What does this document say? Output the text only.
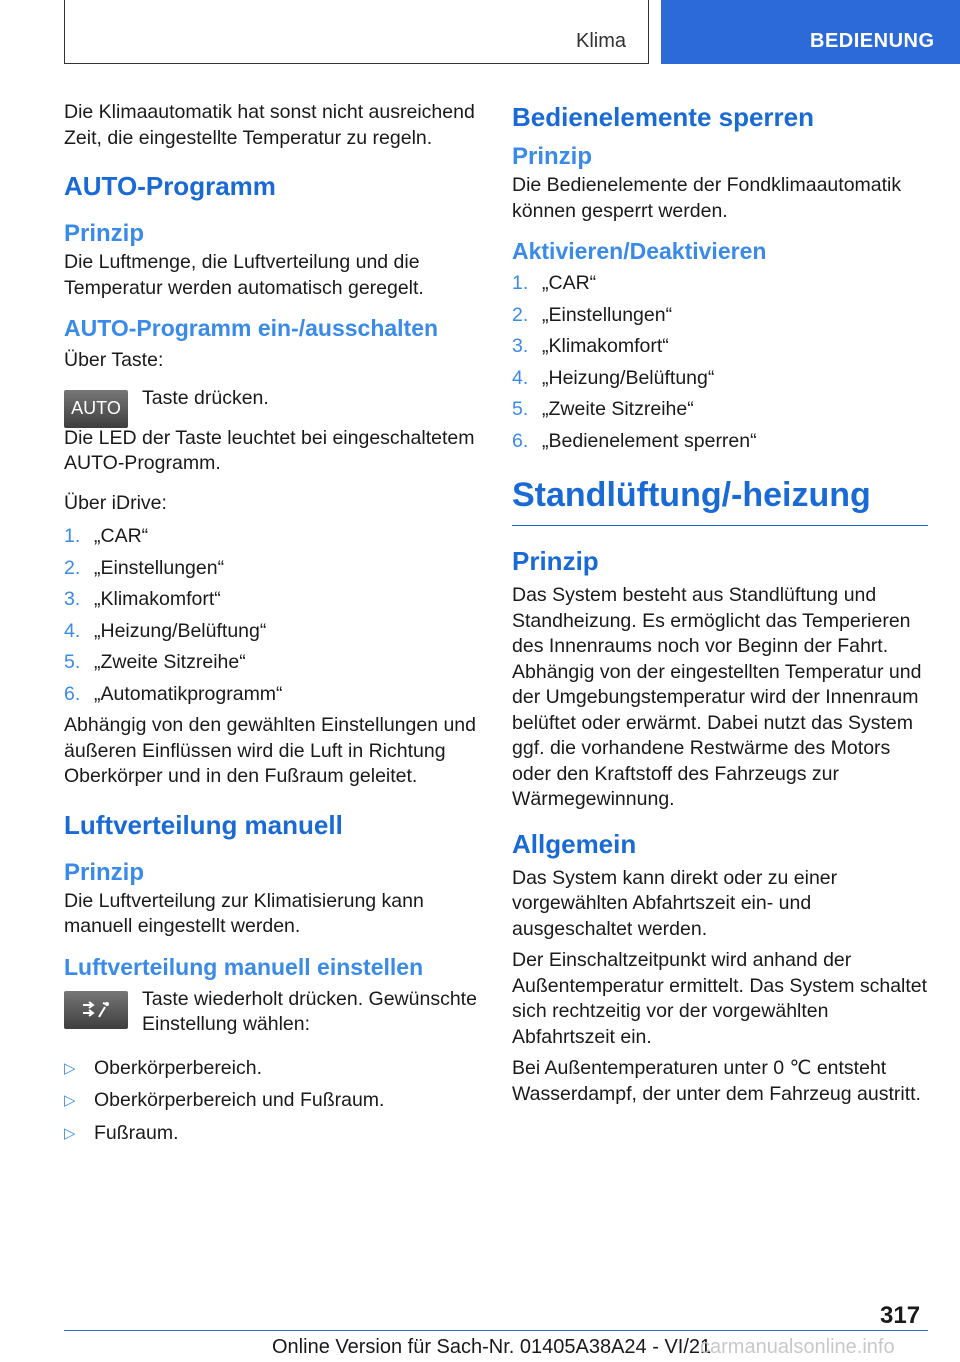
Klima	BEDIENUNG

Die Klimaautomatik hat sonst nicht ausreichend Zeit, die eingestellte Temperatur zu regeln.

AUTO-Programm
Prinzip

Die Luftmenge, die Luftverteilung und die Temperatur werden automatisch geregelt.

AUTO-Programm ein-/ausschalten

Über Taste:

AUTO Taste drücken.

Die LED der Taste leuchtet bei eingeschaltetem AUTO-Programm.

Über iDrive:

1. „CAR“
2. „Einstellungen“
3. „Klimakomfort“
4. „Heizung/Belüftung“
5. „Zweite Sitzreihe“
6. „Automatikprogramm“

Abhängig von den gewählten Einstellungen und äußeren Einflüssen wird die Luft in Richtung Oberkörper und in den Fußraum geleitet.

Luftverteilung manuell
Prinzip

Die Luftverteilung zur Klimatisierung kann manuell eingestellt werden.

Luftverteilung manuell einstellen

Taste wiederholt drücken. Gewünschte Einstellung wählen:

▷ Oberkörperbereich.
▷ Oberkörperbereich und Fußraum.
▷ Fußraum.
Bedienelemente sperren
Prinzip

Die Bedienelemente der Fondklimaautomatik können gesperrt werden.

Aktivieren/Deaktivieren
1. „CAR“
2. „Einstellungen“
3. „Klimakomfort“
4. „Heizung/Belüftung“
5. „Zweite Sitzreihe“
6. „Bedienelement sperren“
Standlüftung/-heizung
Prinzip

Das System besteht aus Standlüftung und Standheizung. Es ermöglicht das Temperieren des Innenraums noch vor Beginn der Fahrt. Abhängig von der eingestellten Temperatur und der Umgebungstemperatur wird der Innenraum belüftet oder erwärmt. Dabei nutzt das System ggf. die vorhandene Restwärme des Motors oder den Kraftstoff des Fahrzeugs zur Wärmegewinnung.

Allgemein

Das System kann direkt oder zu einer vorgewählten Abfahrtszeit ein- und ausgeschaltet werden.

Der Einschaltzeitpunkt wird anhand der Außentemperatur ermittelt. Das System schaltet sich rechtzeitig vor der vorgewählten Abfahrtszeit ein.

Bei Außentemperaturen unter 0 ℃ entsteht Wasserdampf, der unter dem Fahrzeug austritt.

317
Online Version für Sach-Nr. 01405A38A24 - VI/21
carmanualsonline.info
